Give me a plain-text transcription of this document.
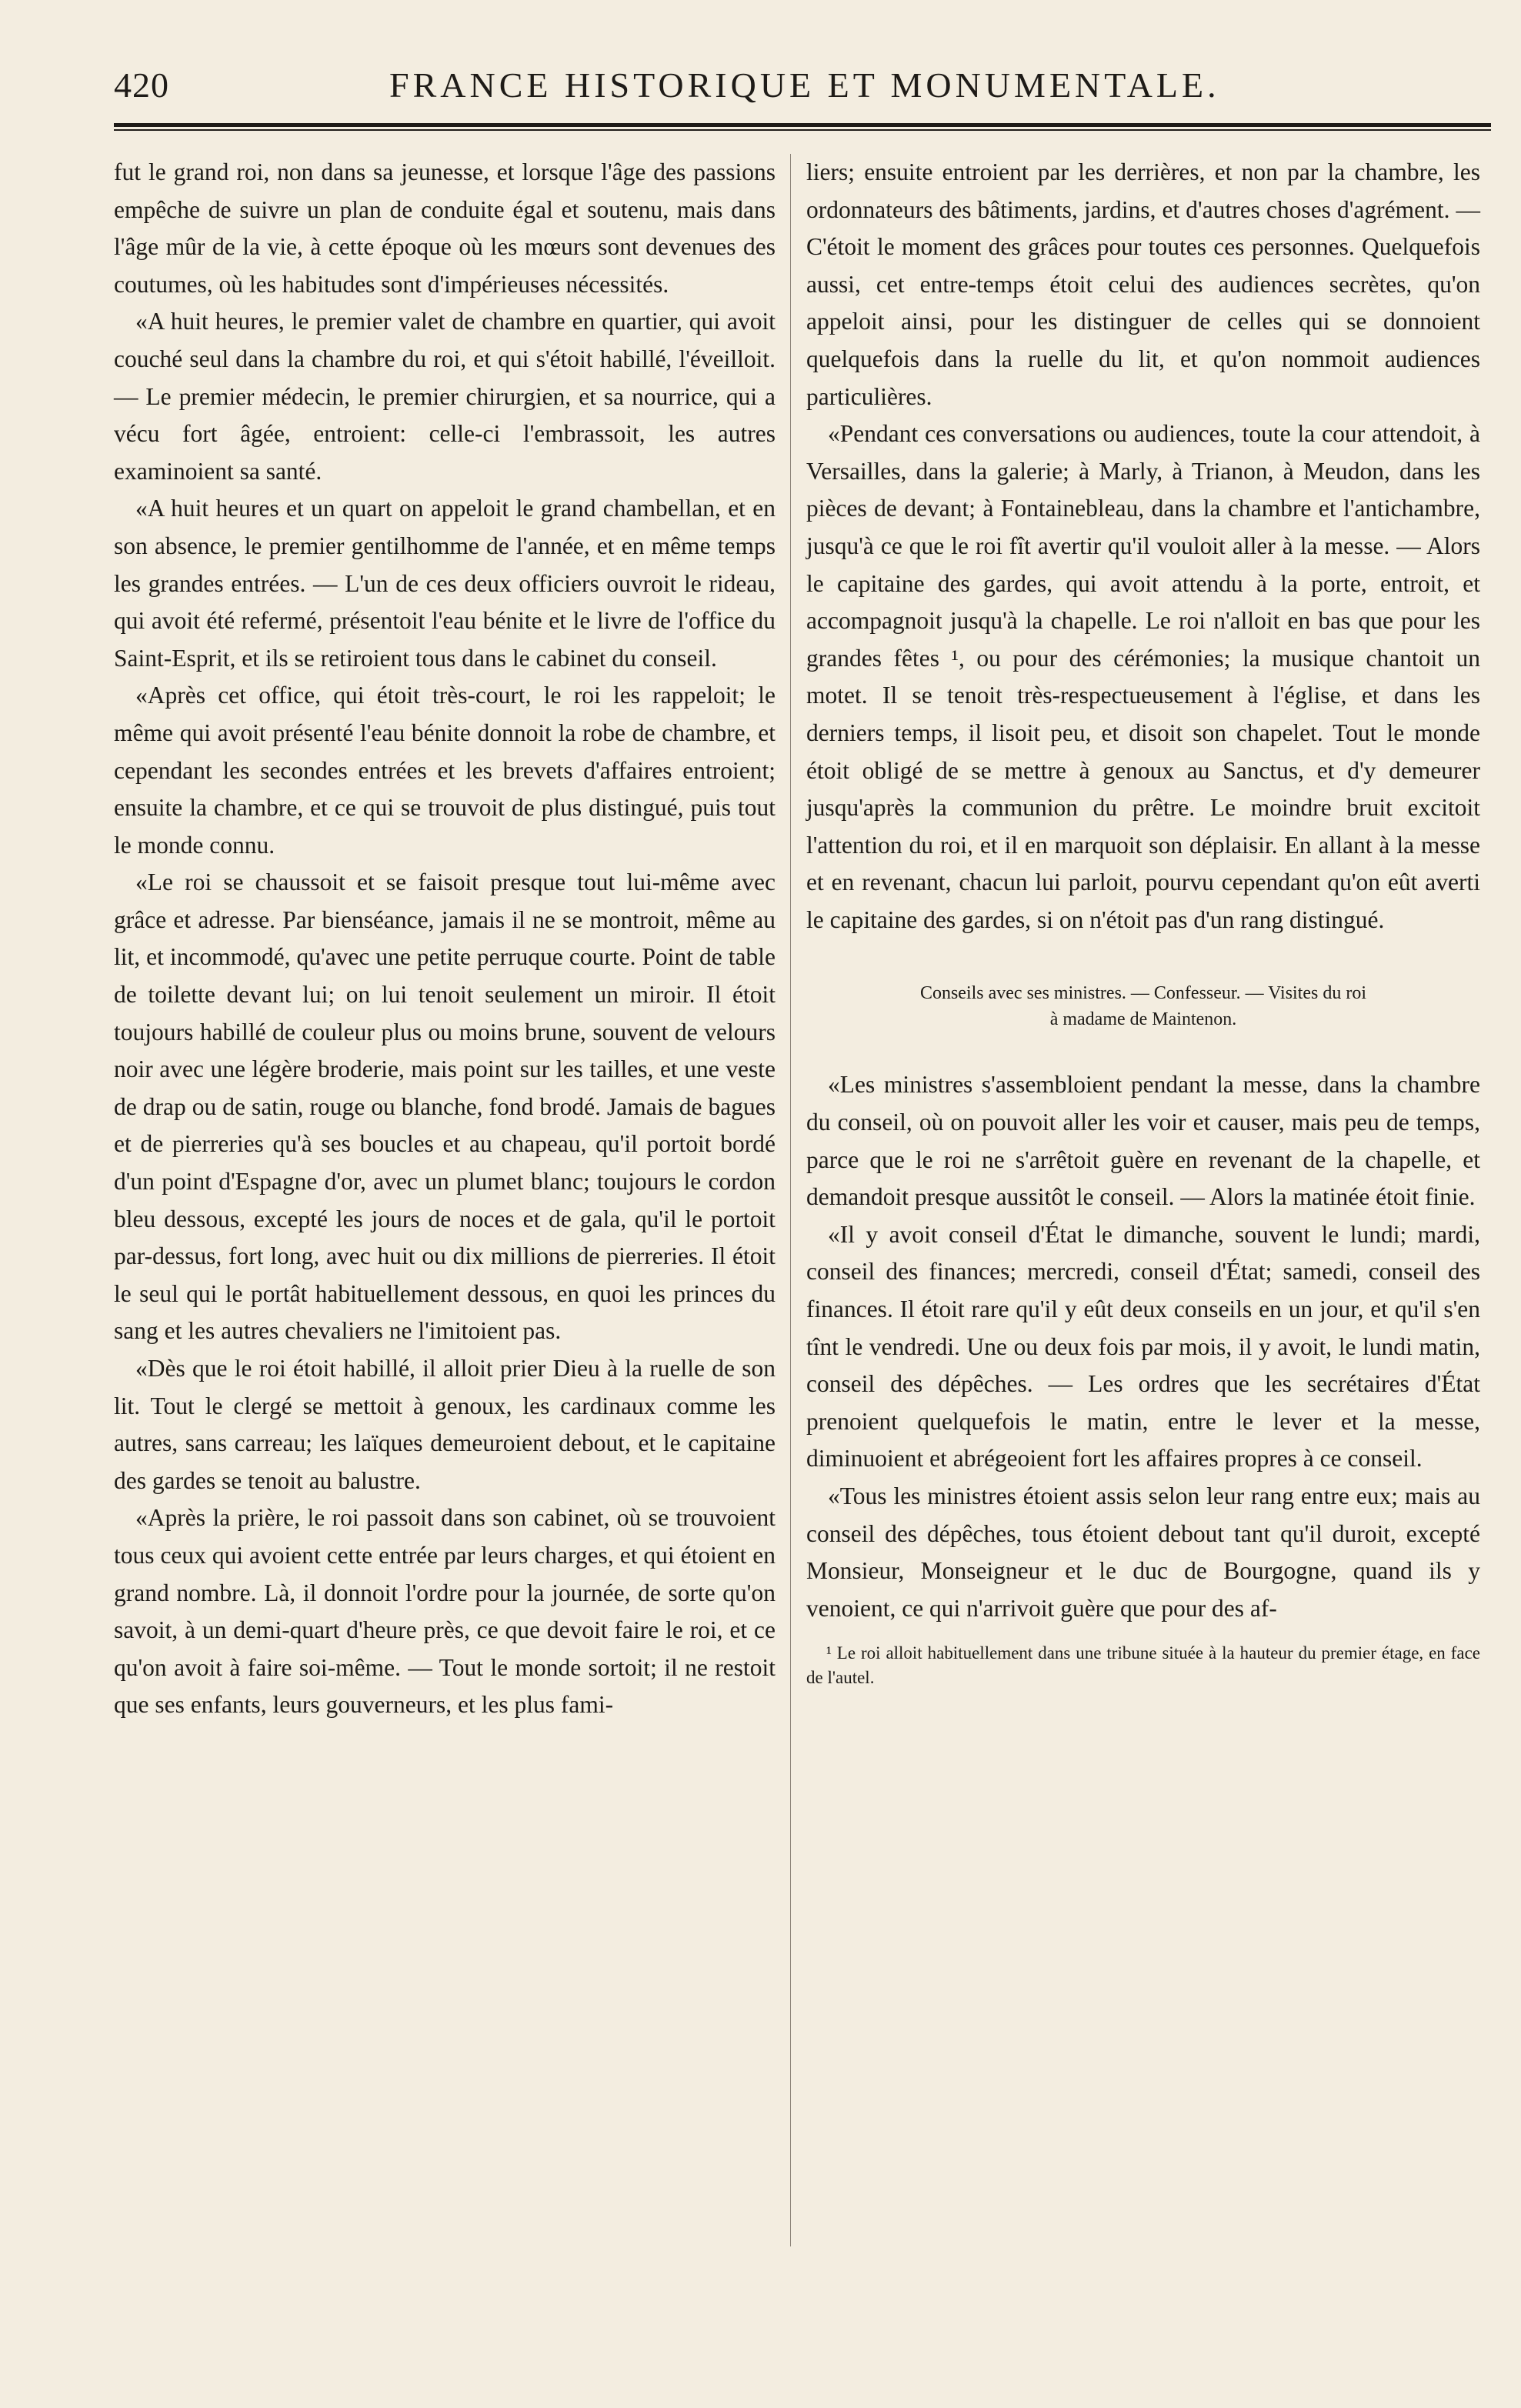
420	FRANCE HISTORIQUE ET MONUMENTALE.

fut le grand roi, non dans sa jeunesse, et lorsque l'âge des passions empêche de suivre un plan de conduite égal et soutenu, mais dans l'âge mûr de la vie, à cette époque où les mœurs sont devenues des coutumes, où les habitudes sont d'impérieuses nécessités.

«A huit heures, le premier valet de chambre en quartier, qui avoit couché seul dans la chambre du roi, et qui s'étoit habillé, l'éveilloit. — Le premier médecin, le premier chirurgien, et sa nourrice, qui a vécu fort âgée, entroient: celle-ci l'embrassoit, les autres examinoient sa santé.

«A huit heures et un quart on appeloit le grand chambellan, et en son absence, le premier gentilhomme de l'année, et en même temps les grandes entrées. — L'un de ces deux officiers ouvroit le rideau, qui avoit été refermé, présentoit l'eau bénite et le livre de l'office du Saint-Esprit, et ils se retiroient tous dans le cabinet du conseil.

«Après cet office, qui étoit très-court, le roi les rappeloit; le même qui avoit présenté l'eau bénite donnoit la robe de chambre, et cependant les secondes entrées et les brevets d'affaires entroient; ensuite la chambre, et ce qui se trouvoit de plus distingué, puis tout le monde connu.

«Le roi se chaussoit et se faisoit presque tout lui-même avec grâce et adresse. Par bienséance, jamais il ne se montroit, même au lit, et incommodé, qu'avec une petite perruque courte. Point de table de toilette devant lui; on lui tenoit seulement un miroir. Il étoit toujours habillé de couleur plus ou moins brune, souvent de velours noir avec une légère broderie, mais point sur les tailles, et une veste de drap ou de satin, rouge ou blanche, fond brodé. Jamais de bagues et de pierreries qu'à ses boucles et au chapeau, qu'il portoit bordé d'un point d'Espagne d'or, avec un plumet blanc; toujours le cordon bleu dessous, excepté les jours de noces et de gala, qu'il le portoit par-dessus, fort long, avec huit ou dix millions de pierreries. Il étoit le seul qui le portât habituellement dessous, en quoi les princes du sang et les autres chevaliers ne l'imitoient pas.

«Dès que le roi étoit habillé, il alloit prier Dieu à la ruelle de son lit. Tout le clergé se mettoit à genoux, les cardinaux comme les autres, sans carreau; les laïques demeuroient debout, et le capitaine des gardes se tenoit au balustre.

«Après la prière, le roi passoit dans son cabinet, où se trouvoient tous ceux qui avoient cette entrée par leurs charges, et qui étoient en grand nombre. Là, il donnoit l'ordre pour la journée, de sorte qu'on savoit, à un demi-quart d'heure près, ce que devoit faire le roi, et ce qu'on avoit à faire soi-même. — Tout le monde sortoit; il ne restoit que ses enfants, leurs gouverneurs, et les plus fami-

liers; ensuite entroient par les derrières, et non par la chambre, les ordonnateurs des bâtiments, jardins, et d'autres choses d'agrément. — C'étoit le moment des grâces pour toutes ces personnes. Quelquefois aussi, cet entre-temps étoit celui des audiences secrètes, qu'on appeloit ainsi, pour les distinguer de celles qui se donnoient quelquefois dans la ruelle du lit, et qu'on nommoit audiences particulières.

«Pendant ces conversations ou audiences, toute la cour attendoit, à Versailles, dans la galerie; à Marly, à Trianon, à Meudon, dans les pièces de devant; à Fontainebleau, dans la chambre et l'antichambre, jusqu'à ce que le roi fît avertir qu'il vouloit aller à la messe. — Alors le capitaine des gardes, qui avoit attendu à la porte, entroit, et accompagnoit jusqu'à la chapelle. Le roi n'alloit en bas que pour les grandes fêtes ¹, ou pour des cérémonies; la musique chantoit un motet. Il se tenoit très-respectueusement à l'église, et dans les derniers temps, il lisoit peu, et disoit son chapelet. Tout le monde étoit obligé de se mettre à genoux au Sanctus, et d'y demeurer jusqu'après la communion du prêtre. Le moindre bruit excitoit l'attention du roi, et il en marquoit son déplaisir. En allant à la messe et en revenant, chacun lui parloit, pourvu cependant qu'on eût averti le capitaine des gardes, si on n'étoit pas d'un rang distingué.

Conseils avec ses ministres. — Confesseur. — Visites du roi
à madame de Maintenon.

«Les ministres s'assembloient pendant la messe, dans la chambre du conseil, où on pouvoit aller les voir et causer, mais peu de temps, parce que le roi ne s'arrêtoit guère en revenant de la chapelle, et demandoit presque aussitôt le conseil. — Alors la matinée étoit finie.

«Il y avoit conseil d'État le dimanche, souvent le lundi; mardi, conseil des finances; mercredi, conseil d'État; samedi, conseil des finances. Il étoit rare qu'il y eût deux conseils en un jour, et qu'il s'en tînt le vendredi. Une ou deux fois par mois, il y avoit, le lundi matin, conseil des dépêches. — Les ordres que les secrétaires d'État prenoient quelquefois le matin, entre le lever et la messe, diminuoient et abrégeoient fort les affaires propres à ce conseil.

«Tous les ministres étoient assis selon leur rang entre eux; mais au conseil des dépêches, tous étoient debout tant qu'il duroit, excepté Monsieur, Monseigneur et le duc de Bourgogne, quand ils y venoient, ce qui n'arrivoit guère que pour des af-

¹ Le roi alloit habituellement dans une tribune située à la hauteur du premier étage, en face de l'autel.
